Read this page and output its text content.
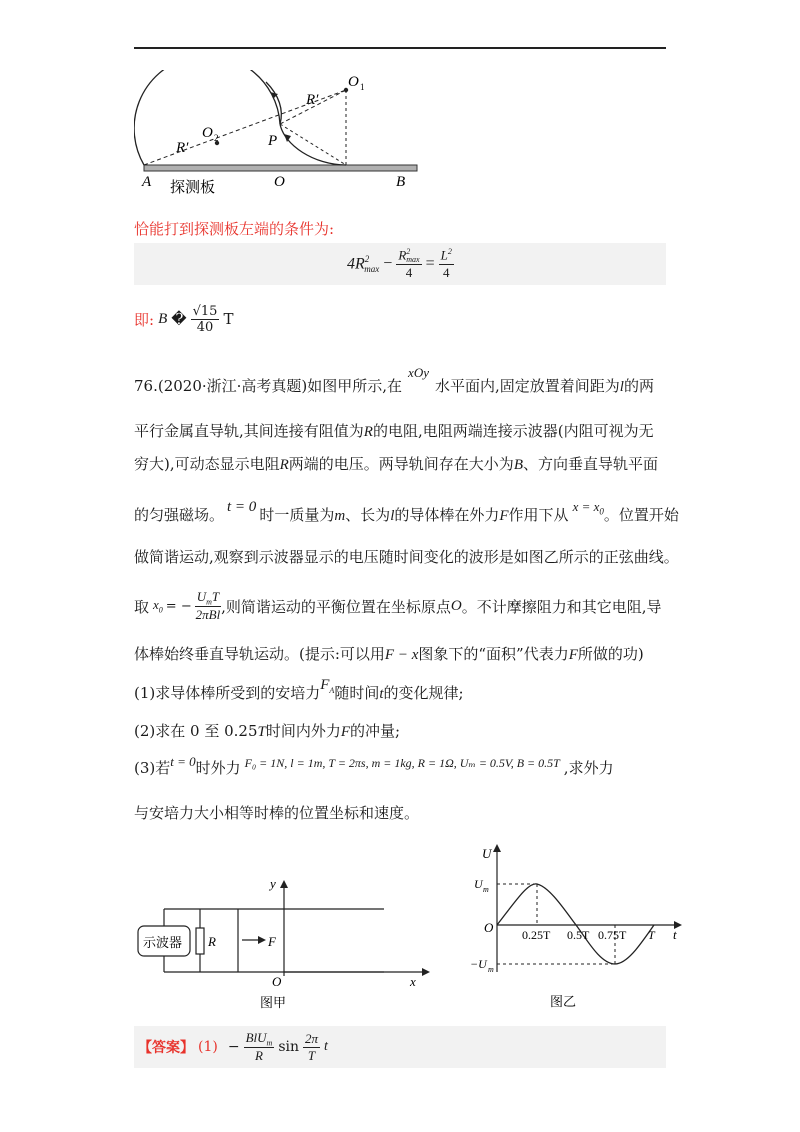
O 1
O 2
R′
R′	P
A	O	B
探测板
恰能打到探测板左端的条件为:
$4R^2_{max}$ −
$R^2_{max}$
4
= $\frac{L^2}{4}$
即: B � √15
40 T
76.(2020·浙江·高考真题)如图甲所示,在xOy水平面内,固定放置着间距为l的两
平行金属直导轨,其间连接有阻值为R的电阻,电阻两端连接示波器(内阻可视为无
穷大),可动态显示电阻R两端的电压。两导轨间存在大小为B、方向垂直导轨平面
的匀强磁场。 t = 0 时一质量为m、长为l的导体棒在外力F作用下从 $x = x_0$。位置开始
做简谐运动,观察到示波器显示的电压随时间变化的波形是如图乙所示的正弦曲线。
取 $x_0$ = −
$U_mT$
2πBl ,则简谐运动的平衡位置在坐标原点 O 。不计摩擦阻力和其它电阻,导
体棒始终垂直导轨运动。(提示:可以用F − x图象下的“面积”代表力F所做的功)
(1)求导体棒所受到的安培力$F_A$随时间t的变化规律;
(2)求在 0 至 0.25T时间内外力F的冲量;
(3)若t = 0时外力 $^{F_0 = 1N, l = 1m, T = 2\pi s, m = 1kg, R = 1\Omega, U_m = 0.5V, B = 0.5T}$ ,求外力
与安培力大小相等时棒的位置坐标和速度。
示波器 R	F
y
O	x
图甲
U
U m
−U m
O 0.25T 0.5T 0.75T T t
图乙
【答案】 (1) −
BlU$_m$
R
sin
2π
T
t
